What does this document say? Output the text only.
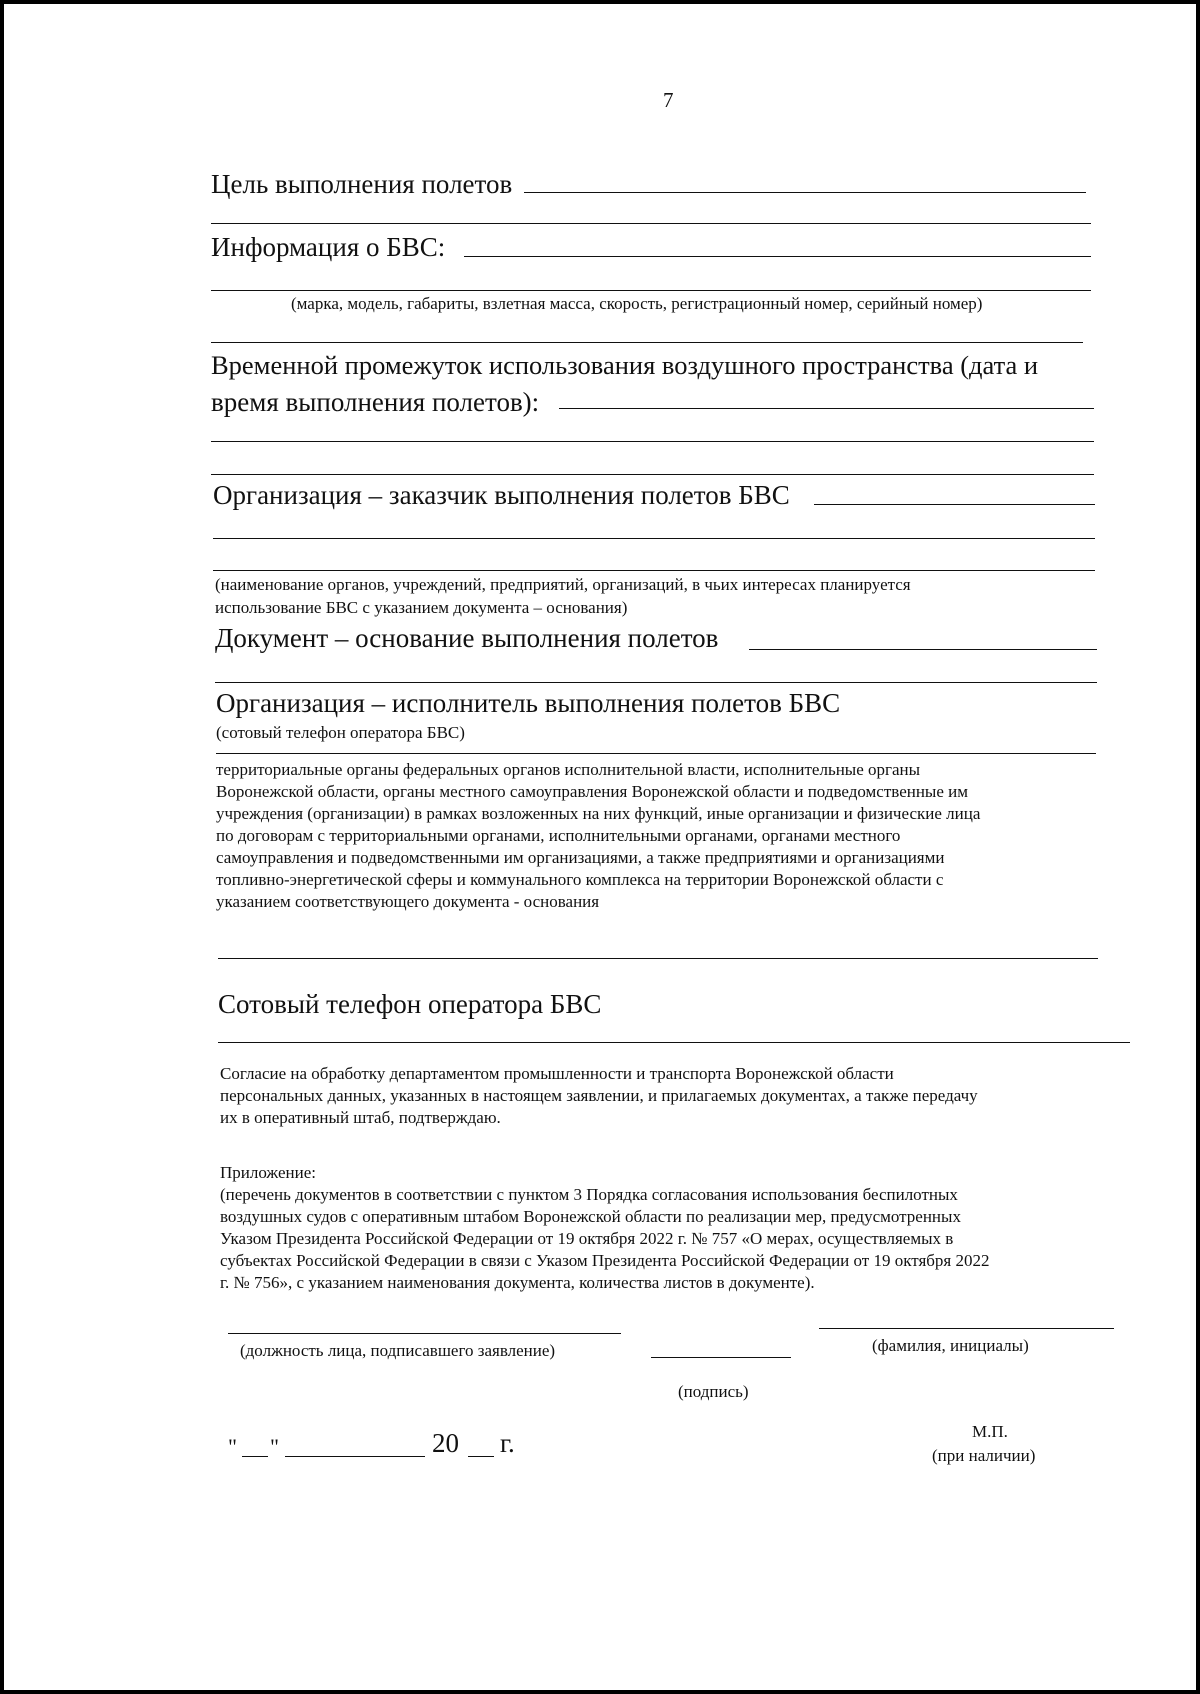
7
Цель выполнения полетов
Информация о БВС:
(марка, модель, габариты, взлетная масса, скорость, регистрационный номер, серийный номер)
Временной промежуток использования воздушного пространства (дата и
время выполнения полетов):
Организация – заказчик выполнения полетов БВС
(наименование органов, учреждений, предприятий, организаций, в чьих интересах планируется
использование БВС с указанием документа – основания)
Документ – основание выполнения полетов
Организация – исполнитель выполнения полетов БВС
(сотовый телефон оператора БВС)

территориальные органы федеральных органов исполнительной власти, исполнительные органы

Воронежской области, органы местного самоуправления Воронежской области и подведомственные им

учреждения (организации) в рамках возложенных на них функций, иные организации и физические лица

по договорам с территориальными органами, исполнительными органами, органами местного

самоуправления и подведомственными им организациями, а также предприятиями и организациями

топливно-энергетической сферы и коммунального комплекса на территории Воронежской области с

указанием соответствующего документа - основания

Сотовый телефон оператора БВС

Согласие на обработку департаментом промышленности и транспорта Воронежской области

персональных данных, указанных в настоящем заявлении, и прилагаемых документах, а также передачу

их в оперативный штаб, подтверждаю.

Приложение:

(перечень документов в соответствии с пунктом 3 Порядка согласования использования беспилотных

воздушных судов с оперативным штабом Воронежской области по реализации мер, предусмотренных

Указом Президента Российской Федерации от 19 октября 2022 г. № 757 «О мерах, осуществляемых в

субъектах Российской Федерации в связи с Указом Президента Российской Федерации от 19 октября 2022

г. № 756», с указанием наименования документа, количества листов в документе).

(должность лица, подписавшего заявление)
(подпись)
(фамилия, инициалы)
" "	20 г.	М.П.
(при наличии)
